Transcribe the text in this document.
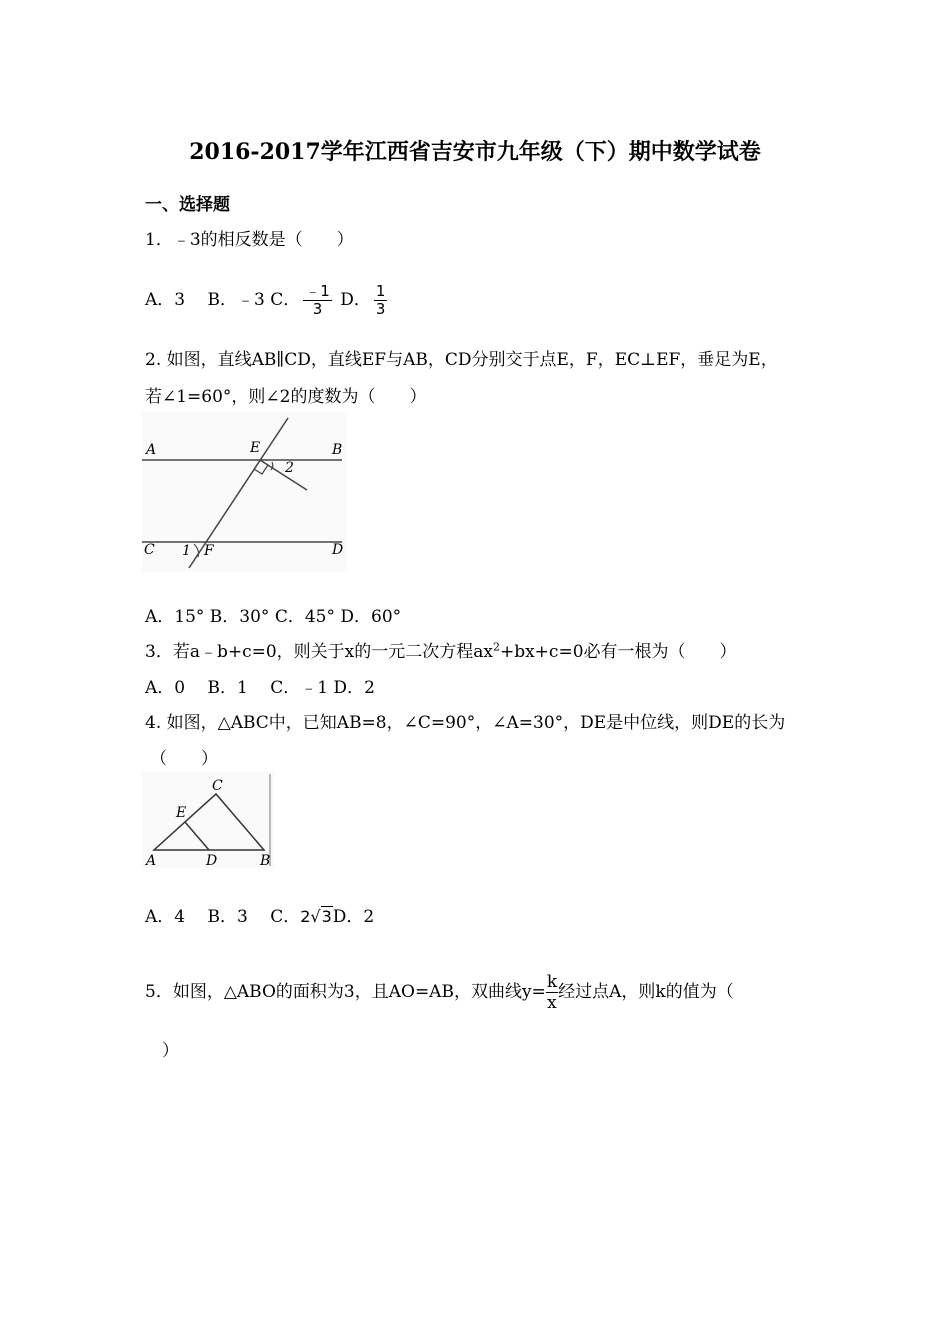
2016-2017学年江西省吉安市九年级（下）期中数学试卷
一、选择题
1．﹣3的相反数是（　　）
A．3　 B．﹣3 C． $\frac{﹣1}{3}$ D． $\frac{1}{3}$
2. 如图，直线AB∥CD，直线EF与AB，CD分别交于点E，F，EC⊥EF，垂足为E，
若∠1=60°，则∠2的度数为（　　）
A	B
C	D
E
F
1
2
A．15° B．30° C．45° D．60°
3．若a﹣b+c=0，则关于x的一元二次方程$ax^2+bx+c=0$必有一根为（　　）
A．0　 B．1　 C．﹣1 D．2
4. 如图，△ABC中，已知AB=8，∠C=90°，∠A=30°，DE是中位线，则DE的长为
（　　）
A	B
C
D
E
A．4　 B．3　 C．2√3D．2
5．如图，△ABO的面积为3，且AO=AB，双曲线$y= \frac{k}{x}$ 经过点A，则k的值为（
）
